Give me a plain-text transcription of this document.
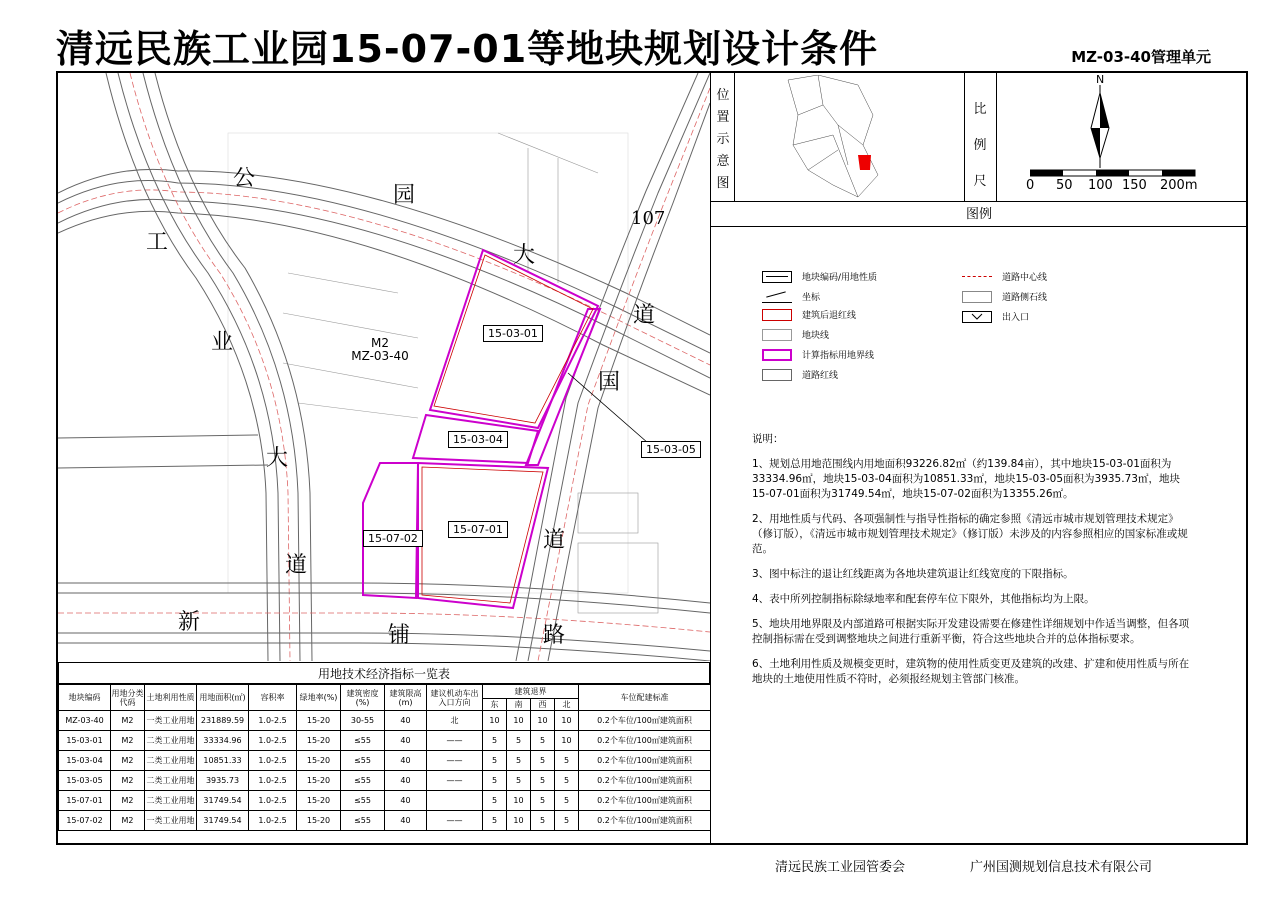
清远民族工业园15-07-01等地块规划设计条件	MZ-03-40管理单元
公
园
大
道
107
国
道
工
业
大
道
新
铺	路
15-03-01
15-03-04
15-03-05
15-07-01
15-07-02
M2
MZ-03-40
位
置
示
意
图
比
例
尺
N
0 50 100 150 200m
图例
地块编码/用地性质
坐标
建筑后退红线
地块线
计算指标用地界线
道路红线
道路中心线
道路侧石线
出入口

说明：

1、规划总用地范围线内用地面积93226.82㎡（约139.84亩），其中地块15-03-01面积为33334.96㎡，地块15-03-04面积为10851.33㎡，地块15-03-05面积为3935.73㎡，地块15-07-01面积为31749.54㎡，地块15-07-02面积为13355.26㎡。

2、用地性质与代码、各项强制性与指导性指标的确定参照《清远市城市规划管理技术规定》（修订版），《清远市城市规划管理技术规定》（修订版）未涉及的内容参照相应的国家标准或规范。

3、图中标注的退让红线距离为各地块建筑退让红线宽度的下限指标。

4、表中所列控制指标除绿地率和配套停车位下限外，其他指标均为上限。

5、地块用地界限及内部道路可根据实际开发建设需要在修建性详细规划中作适当调整，但各项控制指标需在受到调整地块之间进行重新平衡，符合这些地块合并的总体指标要求。

6、土地利用性质及规模变更时，建筑物的使用性质变更及建筑的改建、扩建和使用性质与所在地块的土地使用性质不符时，必须报经规划主管部门核准。

用地技术经济指标一览表
地块编码	用地分类代码	土地利用性质	用地面积(㎡)	容积率	绿地率(%)	建筑密度(%)	建筑限高(m)	建议机动车出入口方向	建筑退界				车位配建标准
									东	南	西	北	
MZ-03-40	M2	一类工业用地	231889.59	1.0-2.5	15-20	30-55	40	北	10	10	10	10	0.2个车位/100㎡建筑面积
15-03-01	M2	二类工业用地	33334.96	1.0-2.5	15-20	≤55	40	——	5	5	5	10	0.2个车位/100㎡建筑面积
15-03-04	M2	二类工业用地	10851.33	1.0-2.5	15-20	≤55	40	——	5	5	5	5	0.2个车位/100㎡建筑面积
15-03-05	M2	二类工业用地	3935.73	1.0-2.5	15-20	≤55	40	——	5	5	5	5	0.2个车位/100㎡建筑面积
15-07-01	M2	二类工业用地	31749.54	1.0-2.5	15-20	≤55	40		5	10	5	5	0.2个车位/100㎡建筑面积
15-07-02	M2	一类工业用地	31749.54	1.0-2.5	15-20	≤55	40	——	5	10	5	5	0.2个车位/100㎡建筑面积
清远民族工业园管委会	广州国测规划信息技术有限公司
